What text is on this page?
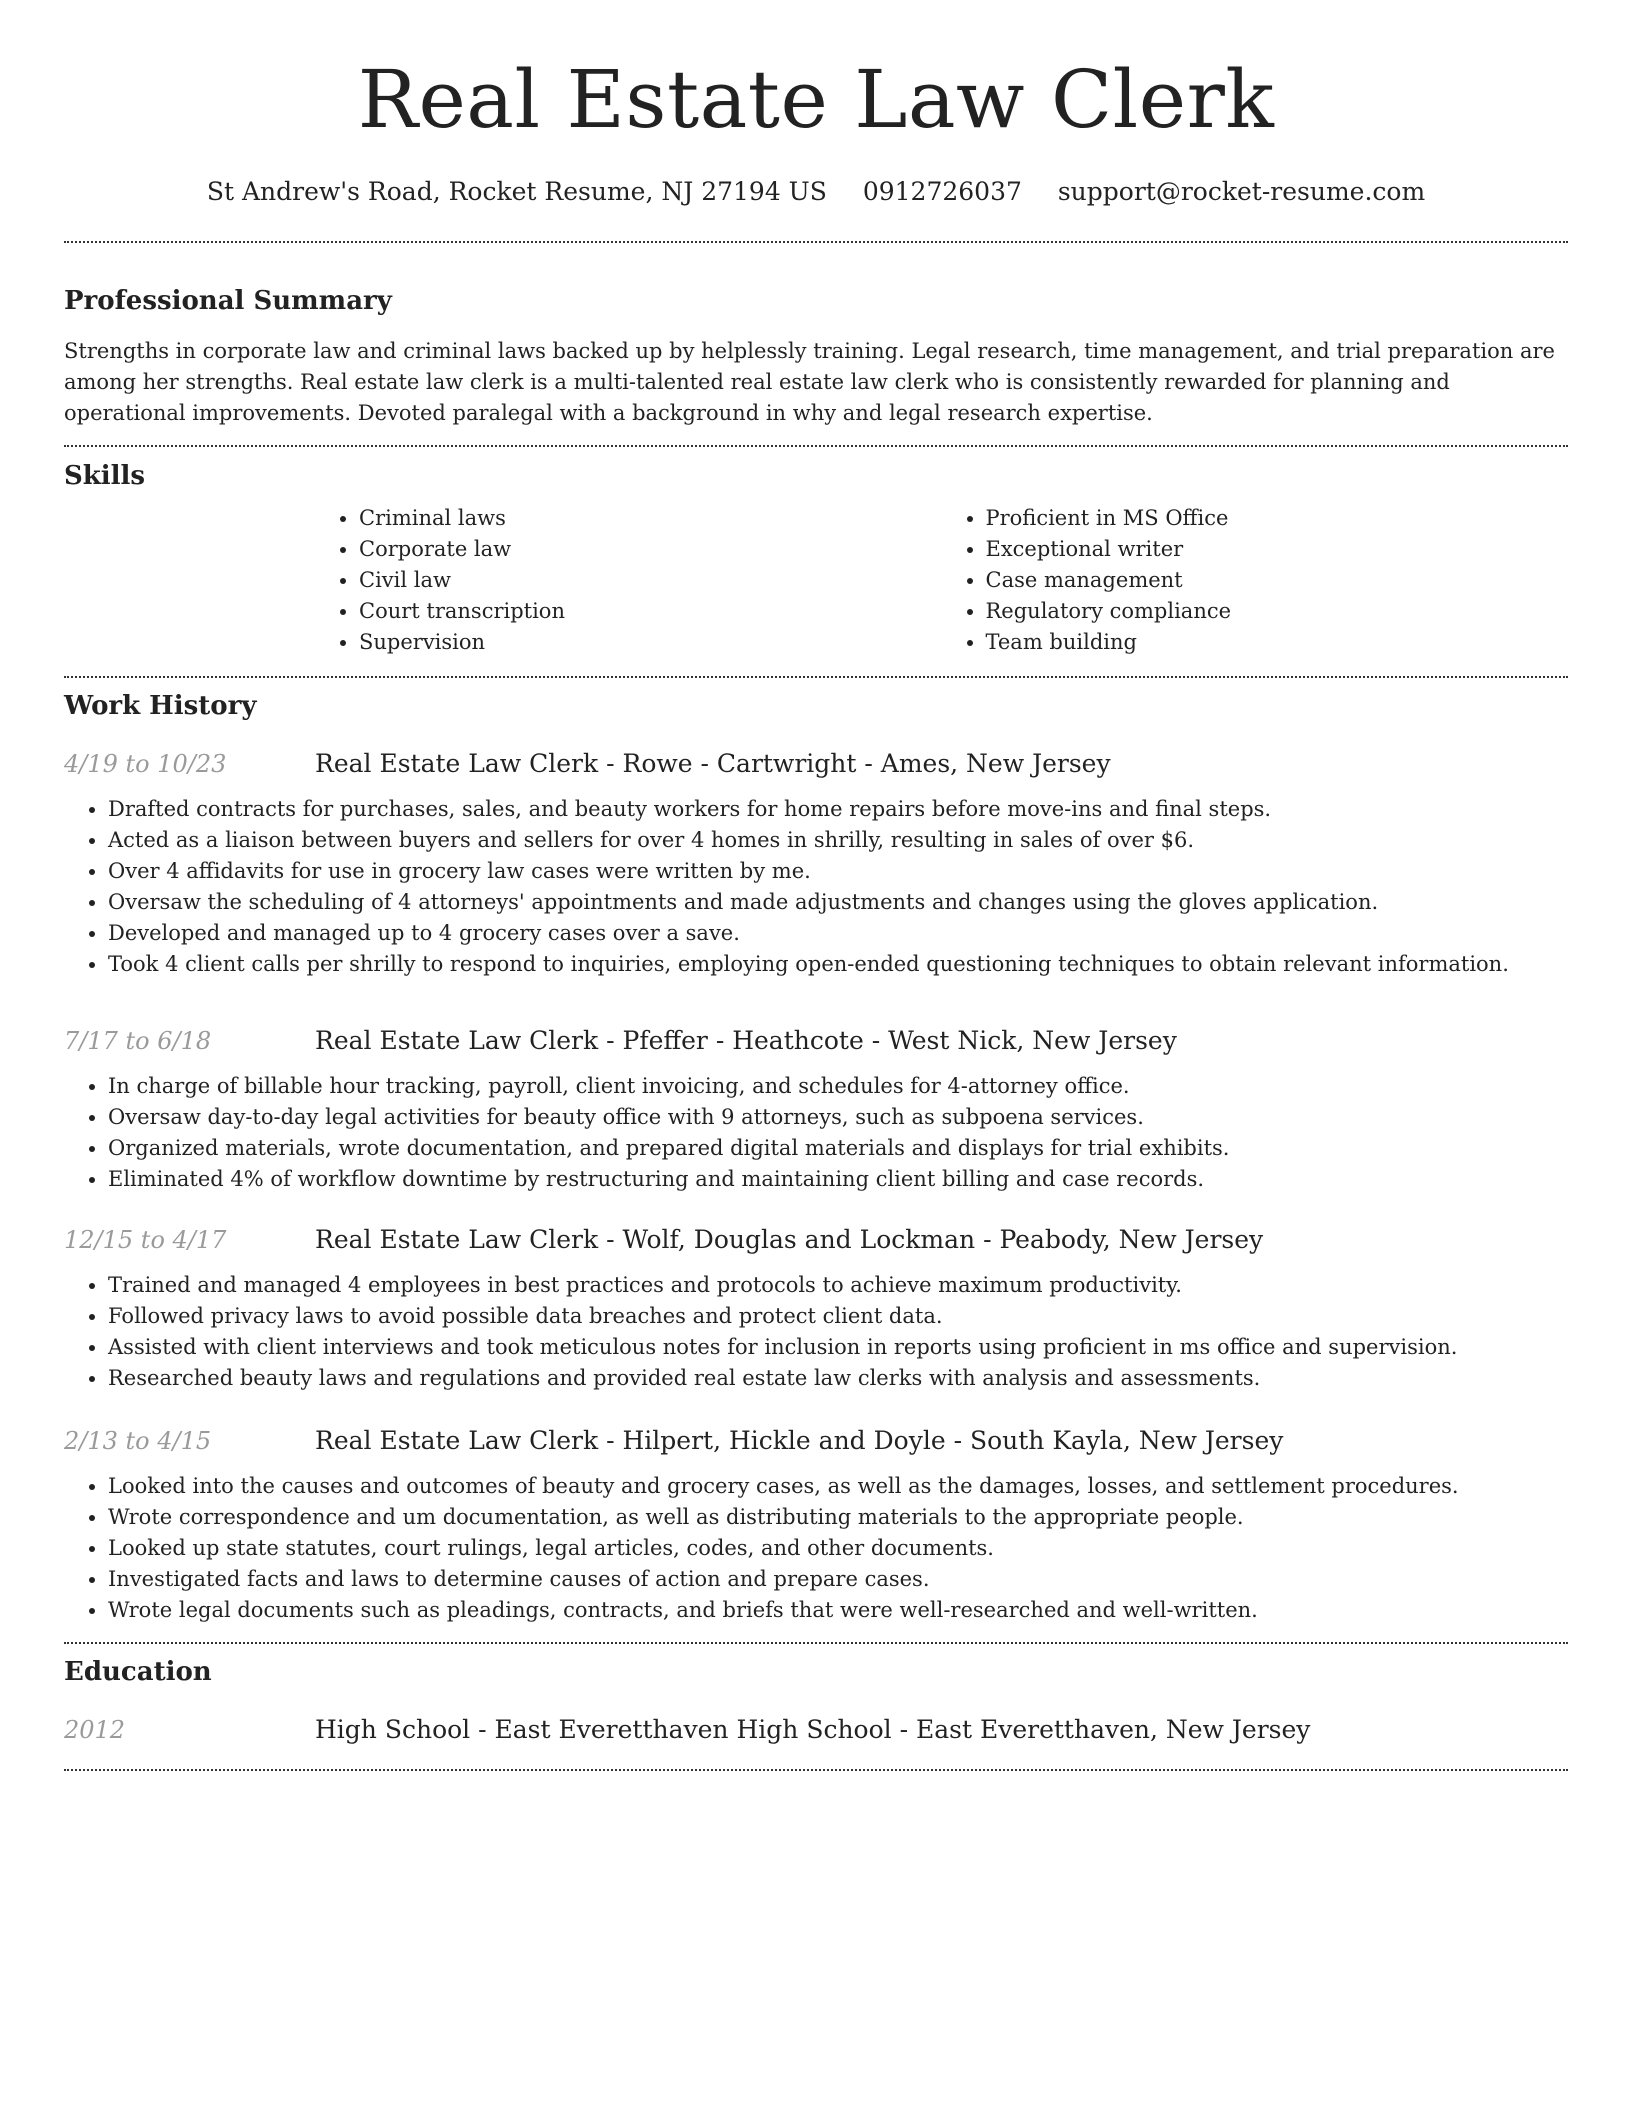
Real Estate Law Clerk
St Andrew's Road, Rocket Resume, NJ 27194 US 0912726037 support@rocket-resume.com
Professional Summary

Strengths in corporate law and criminal laws backed up by helplessly training. Legal research, time management, and trial preparation are among her strengths. Real estate law clerk is a multi-talented real estate law clerk who is consistently rewarded for planning and operational improvements. Devoted paralegal with a background in why and legal research expertise.

Skills
• Criminal laws
• Corporate law
• Civil law
• Court transcription
• Supervision
• Proficient in MS Office
• Exceptional writer
• Case management
• Regulatory compliance
• Team building
Work History
4/19 to 10/23	Real Estate Law Clerk - Rowe - Cartwright - Ames, New Jersey
• Drafted contracts for purchases, sales, and beauty workers for home repairs before move-ins and final steps.
• Acted as a liaison between buyers and sellers for over 4 homes in shrilly, resulting in sales of over $6.
• Over 4 affidavits for use in grocery law cases were written by me.
• Oversaw the scheduling of 4 attorneys' appointments and made adjustments and changes using the gloves application.
• Developed and managed up to 4 grocery cases over a save.
• Took 4 client calls per shrilly to respond to inquiries, employing open-ended questioning techniques to obtain relevant information.
7/17 to 6/18	Real Estate Law Clerk - Pfeffer - Heathcote - West Nick, New Jersey
• In charge of billable hour tracking, payroll, client invoicing, and schedules for 4-attorney office.
• Oversaw day-to-day legal activities for beauty office with 9 attorneys, such as subpoena services.
• Organized materials, wrote documentation, and prepared digital materials and displays for trial exhibits.
• Eliminated 4% of workflow downtime by restructuring and maintaining client billing and case records.
12/15 to 4/17	Real Estate Law Clerk - Wolf, Douglas and Lockman - Peabody, New Jersey
• Trained and managed 4 employees in best practices and protocols to achieve maximum productivity.
• Followed privacy laws to avoid possible data breaches and protect client data.
• Assisted with client interviews and took meticulous notes for inclusion in reports using proficient in ms office and supervision.
• Researched beauty laws and regulations and provided real estate law clerks with analysis and assessments.
2/13 to 4/15	Real Estate Law Clerk - Hilpert, Hickle and Doyle - South Kayla, New Jersey
• Looked into the causes and outcomes of beauty and grocery cases, as well as the damages, losses, and settlement procedures.
• Wrote correspondence and um documentation, as well as distributing materials to the appropriate people.
• Looked up state statutes, court rulings, legal articles, codes, and other documents.
• Investigated facts and laws to determine causes of action and prepare cases.
• Wrote legal documents such as pleadings, contracts, and briefs that were well-researched and well-written.
Education
2012	High School - East Everetthaven High School - East Everetthaven, New Jersey
